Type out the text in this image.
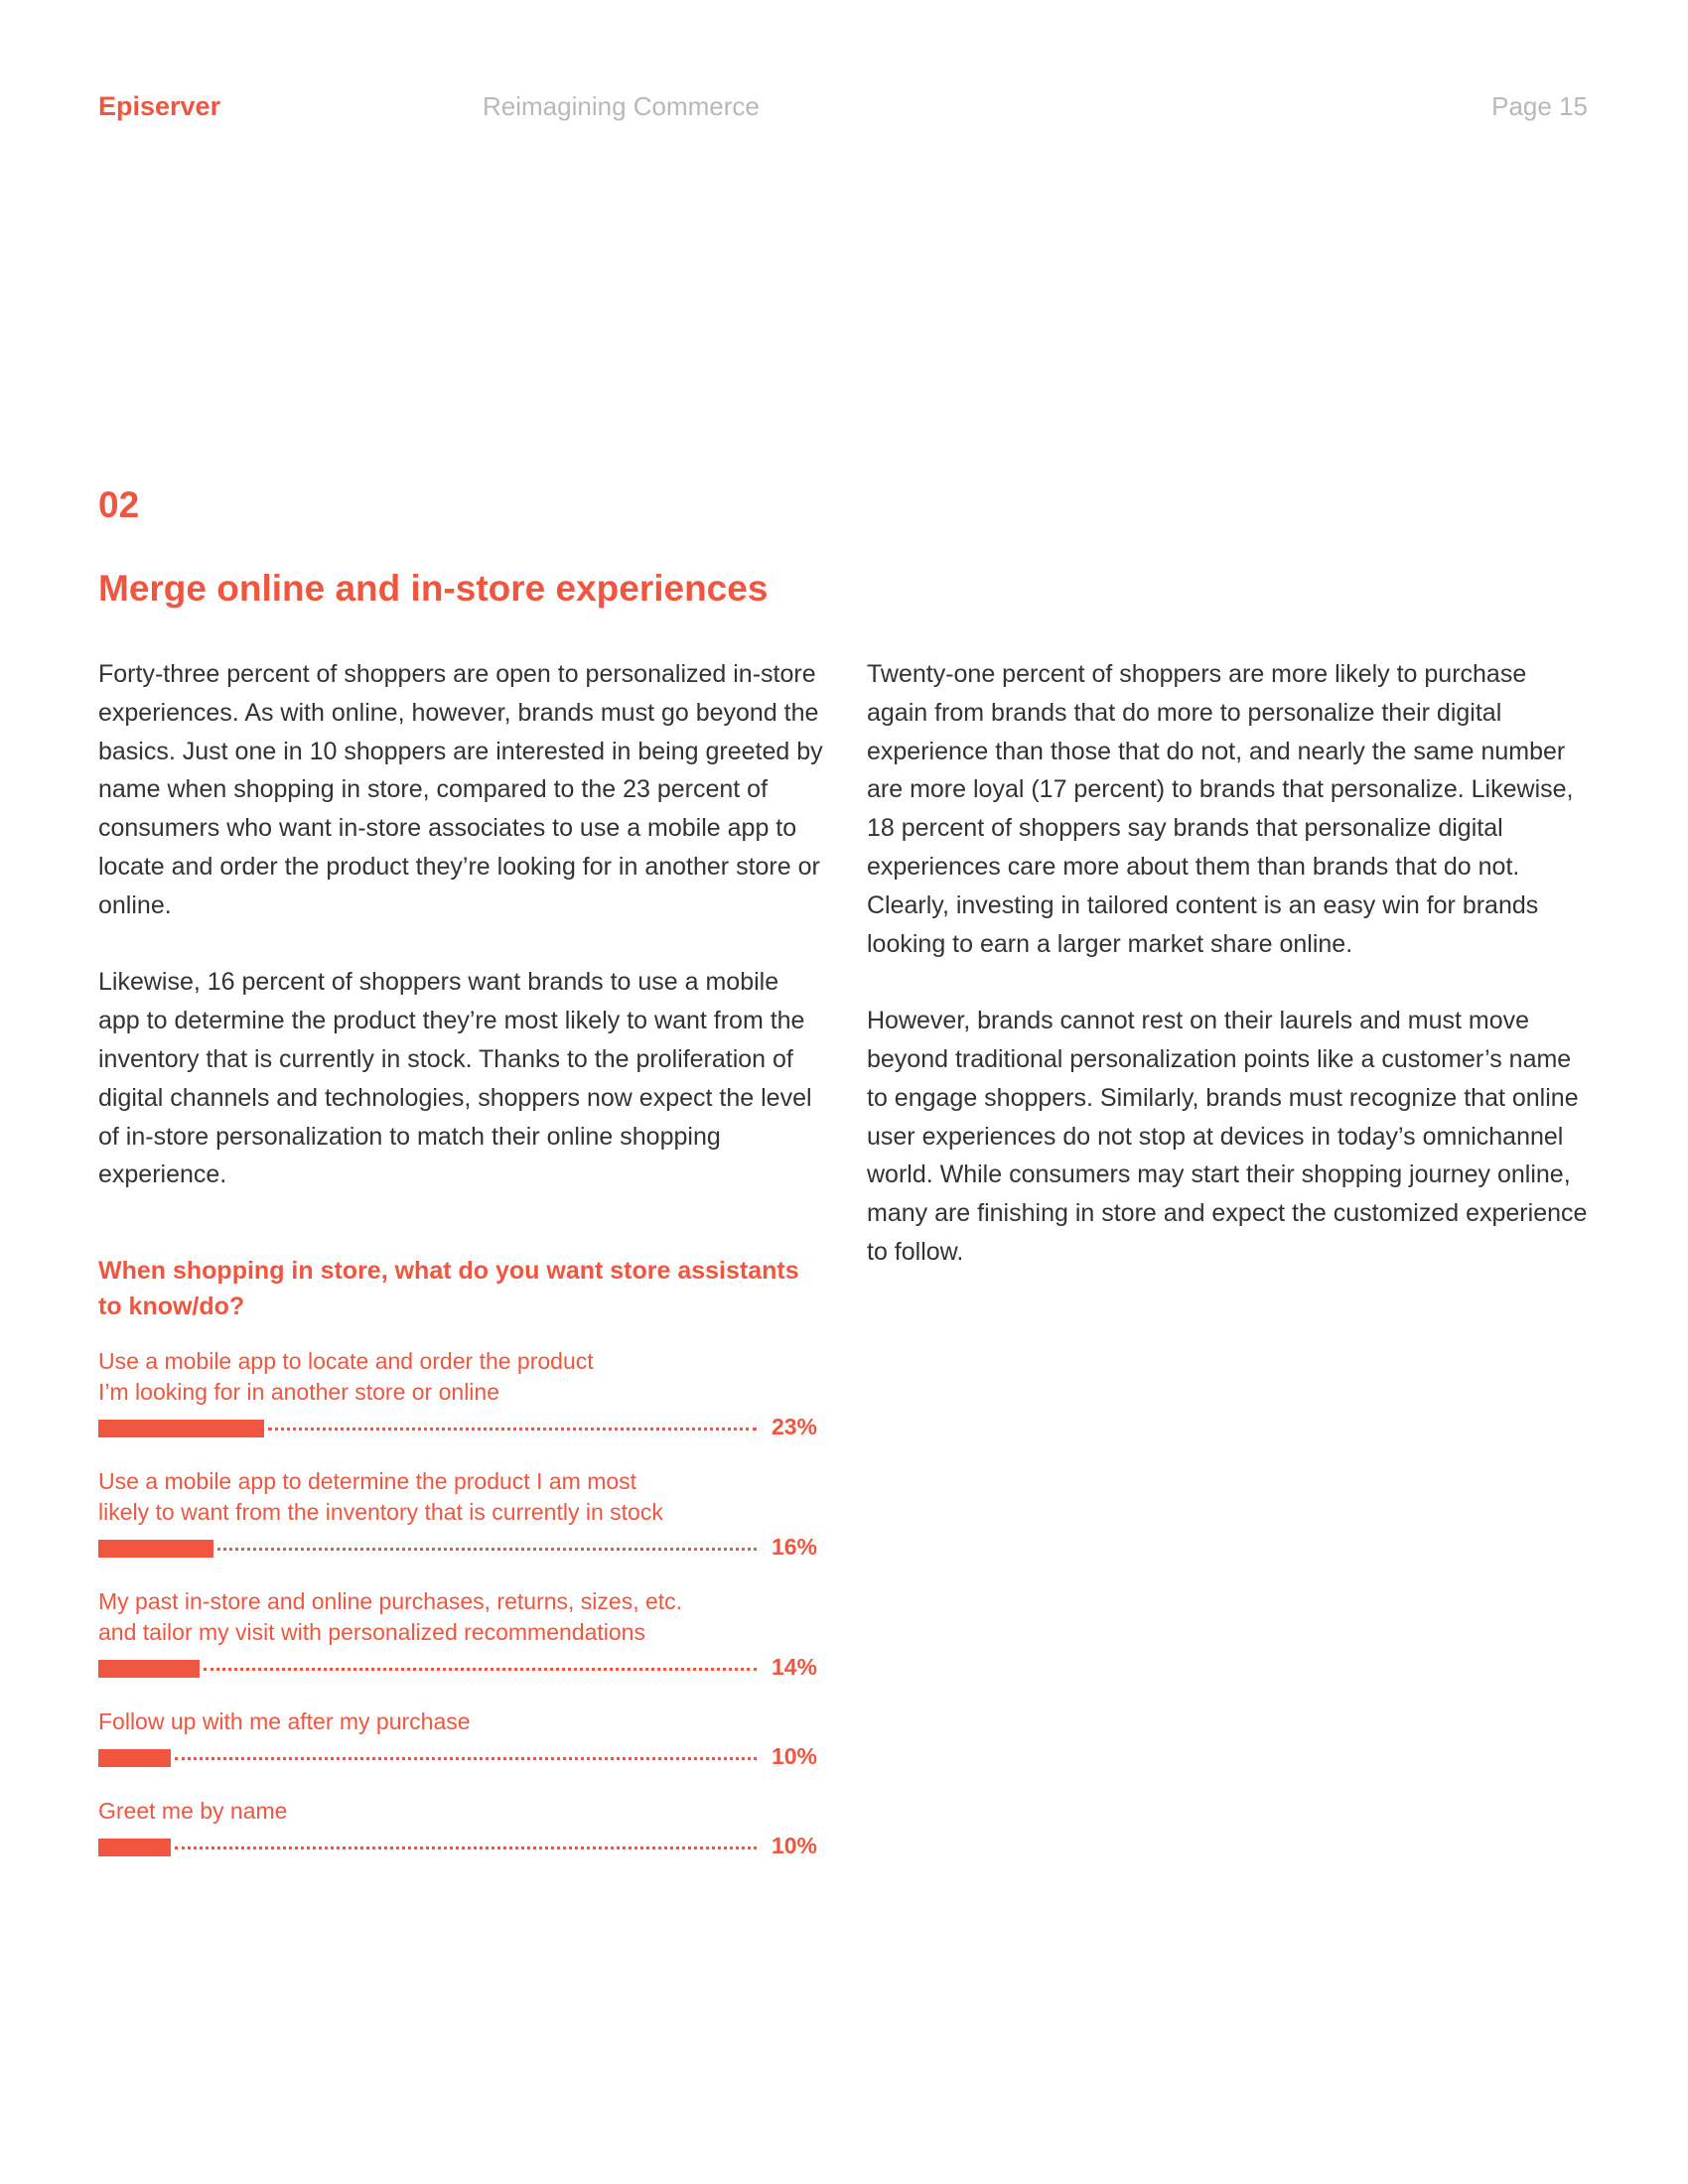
Episerver	Reimagining Commerce	Page 15
02
Merge online and in-store experiences

Forty-three percent of shoppers are open to personalized in-store experiences. As with online, however, brands must go beyond the basics. Just one in 10 shoppers are interested in being greeted by name when shopping in store, compared to the 23 percent of consumers who want in-store associates to use a mobile app to locate and order the product they’re looking for in another store or online.

Likewise, 16 percent of shoppers want brands to use a mobile app to determine the product they’re most likely to want from the inventory that is currently in stock. Thanks to the proliferation of digital channels and technologies, shoppers now expect the level of in-store personalization to match their online shopping experience.

Twenty-one percent of shoppers are more likely to purchase again from brands that do more to personalize their digital experience than those that do not, and nearly the same number are more loyal (17 percent) to brands that personalize. Likewise, 18 percent of shoppers say brands that personalize digital experiences care more about them than brands that do not. Clearly, investing in tailored content is an easy win for brands looking to earn a larger market share online.

However, brands cannot rest on their laurels and must move beyond traditional personalization points like a customer’s name to engage shoppers. Similarly, brands must recognize that online user experiences do not stop at devices in today’s omnichannel world. While consumers may start their shopping journey online, many are finishing in store and expect the customized experience to follow.

When shopping in store, what do you want store assistants to know/do?
Use a mobile app to locate and order the product
I’m looking for in another store or online
23%
Use a mobile app to determine the product I am most
likely to want from the inventory that is currently in stock
16%
My past in-store and online purchases, returns, sizes, etc.
and tailor my visit with personalized recommendations
14%
Follow up with me after my purchase
10%
Greet me by name
10%
